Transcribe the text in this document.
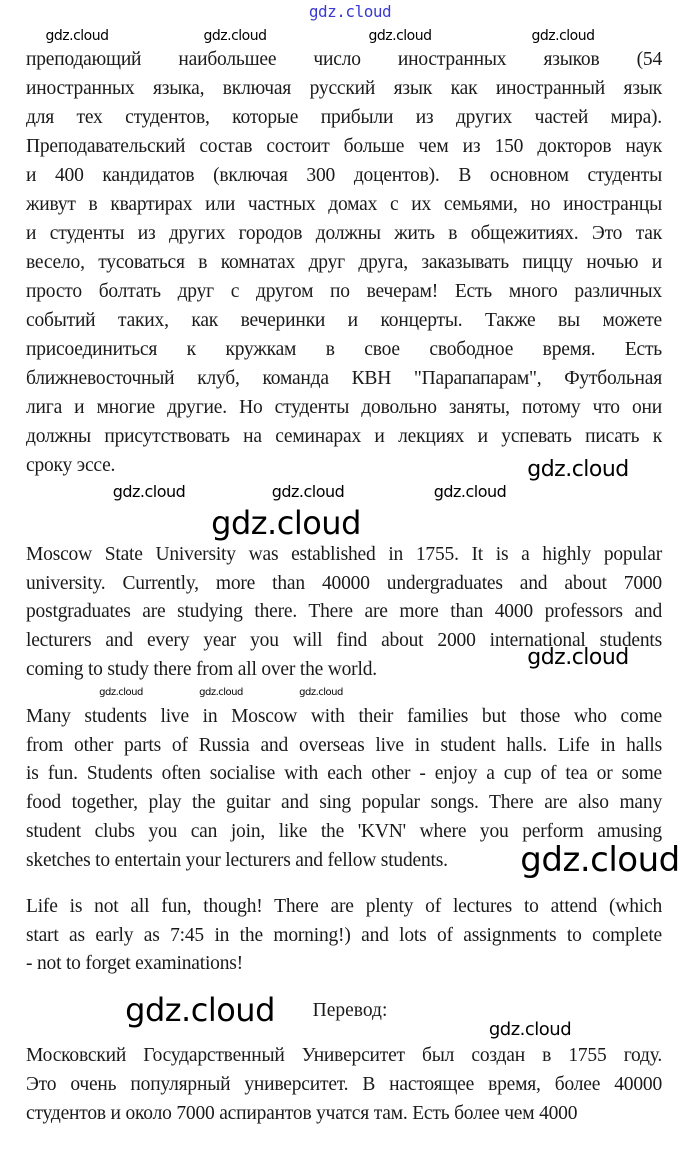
Перевод:
преподающий наибольшее число иностранных языков (54
иностранных языка, включая русский язык как иностранный язык
для тех студентов, которые прибыли из других частей мира).
Преподавательский состав состоит больше чем из 150 докторов наук
и 400 кандидатов (включая 300 доцентов). В основном студенты
живут в квартирах или частных домах с их семьями, но иностранцы
и студенты из других городов должны жить в общежитиях. Это так
весело, тусоваться в комнатах друг друга, заказывать пиццу ночью и
просто болтать друг с другом по вечерам! Есть много различных
событий таких, как вечеринки и концерты. Также вы можете
присоединиться к кружкам в свое свободное время. Есть
ближневосточный клуб, команда КВН "Парапапарам", Футбольная
лига и многие другие. Но студенты довольно заняты, потому что они
должны присутствовать на семинарах и лекциях и успевать писать к
сроку эссе.
Moscow State University was established in 1755. It is a highly popular
university. Currently, more than 40000 undergraduates and about 7000
postgraduates are studying there. There are more than 4000 professors and
lecturers and every year you will find about 2000 international students
coming to study there from all over the world.
Many students live in Moscow with their families but those who come
from other parts of Russia and overseas live in student halls. Life in halls
is fun. Students often socialise with each other - enjoy a cup of tea or some
food together, play the guitar and sing popular songs. There are also many
student clubs you can join, like the 'KVN' where you perform amusing
sketches to entertain your lecturers and fellow students.
Life is not all fun, though! There are plenty of lectures to attend (which
start as early as 7:45 in the morning!) and lots of assignments to complete
- not to forget examinations!
Московский Государственный Университет был создан в 1755 году.
Это очень популярный университет. В настоящее время, более 40000
студентов и около 7000 аспирантов учатся там. Есть более чем 4000
gdz.cloud
gdz.cloud	gdz.cloud	gdz.cloud	gdz.cloud
gdz.cloud	gdz.cloud	gdz.cloud
gdz.cloud
gdz.cloud
gdz.cloud
gdz.cloud	gdz.cloud	gdz.cloud
gdz.cloud
gdz.cloud
gdz.cloud
